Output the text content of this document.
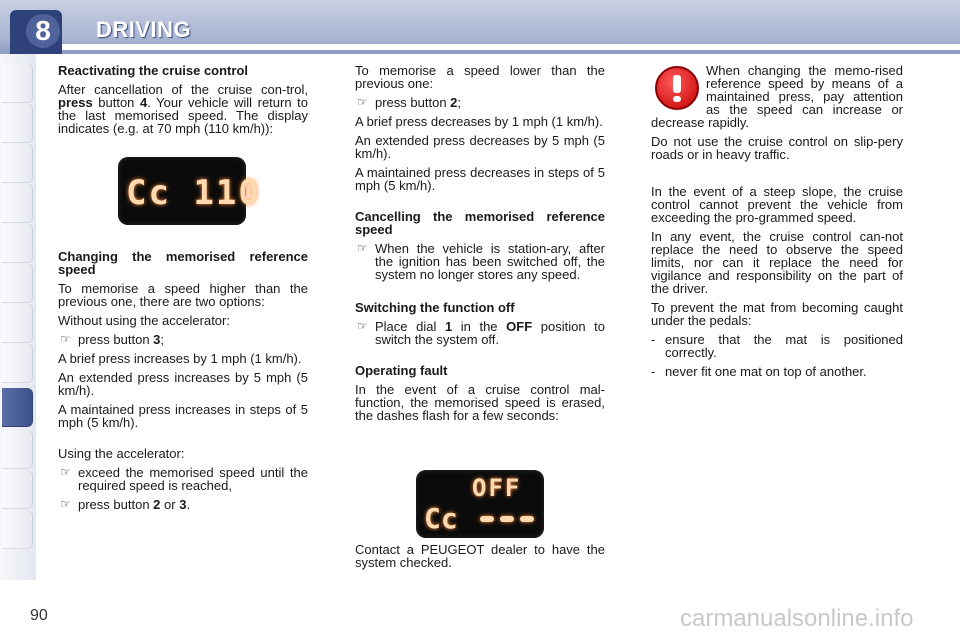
8	DRIVING

Reactivating the cruise control

After cancellation of the cruise con-trol, press button 4. Your vehicle will return to the last memorised speed. The display indicates (e.g. at 70 mph (110 km/h)):

Cc 110

Changing the memorised reference speed

To memorise a speed higher than the previous one, there are two options:

Without using the accelerator:

☞ press button 3;

A brief press increases by 1 mph (1 km/h).

An extended press increases by 5 mph (5 km/h).

A maintained press increases in steps of 5 mph (5 km/h).

Using the accelerator:

☞ exceed the memorised speed until the required speed is reached,

☞ press button 2 or 3.

To memorise a speed lower than the previous one:

☞ press button 2;

A brief press decreases by 1 mph (1 km/h).

An extended press decreases by 5 mph (5 km/h).

A maintained press decreases in steps of 5 mph (5 km/h).

Cancelling the memorised reference speed

☞ When the vehicle is station-ary, after the ignition has been switched off, the system no longer stores any speed.

Switching the function off

☞ Place dial 1 in the OFF position to switch the system off.

Operating fault

In the event of a cruise control mal-function, the memorised speed is erased, the dashes flash for a few seconds:

OFF
Cc

Contact a PEUGEOT dealer to have the system checked.

When changing the memo-rised reference speed by means of a maintained press, pay attention as the speed can increase or decrease rapidly.

Do not use the cruise control on slip-pery roads or in heavy traffic.

In the event of a steep slope, the cruise control cannot prevent the vehicle from exceeding the pro-grammed speed.

In any event, the cruise control can-not replace the need to observe the speed limits, nor can it replace the need for vigilance and responsibility on the part of the driver.

To prevent the mat from becoming caught under the pedals:

- ensure that the mat is positioned correctly.

- never fit one mat on top of another.

90	carmanualsonline.info
